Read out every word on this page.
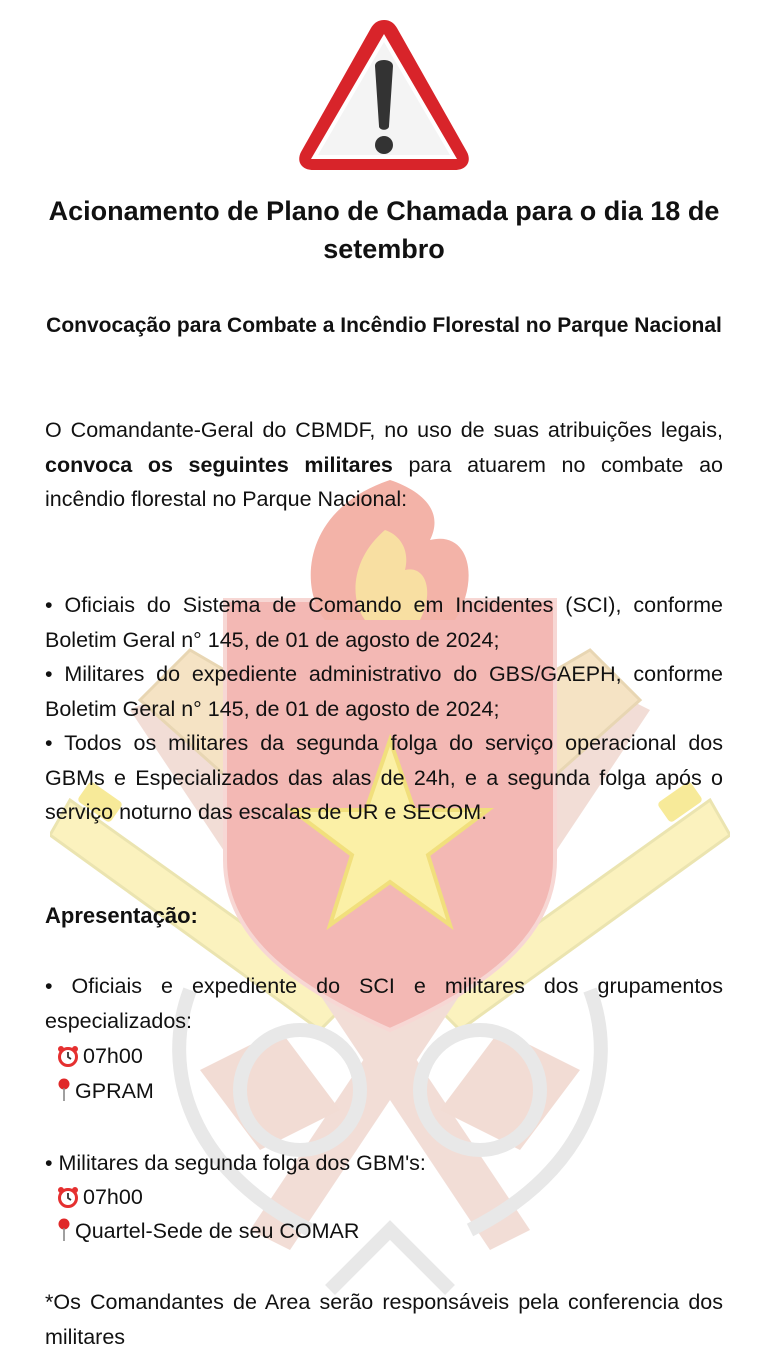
Acionamento de Plano de Chamada para o dia 18 de setembro
Convocação para Combate a Incêndio Florestal no Parque Nacional

O Comandante-Geral do CBMDF, no uso de suas atribuições legais, convoca os seguintes militares para atuarem no combate ao incêndio florestal no Parque Nacional:

• Oficiais do Sistema de Comando em Incidentes (SCI), conforme Boletim Geral n° 145, de 01 de agosto de 2024;

• Militares do expediente administrativo do GBS/GAEPH, conforme Boletim Geral n° 145, de 01 de agosto de 2024;

• Todos os militares da segunda folga do serviço operacional dos GBMs e Especializados das alas de 24h, e a segunda folga após o serviço noturno das escalas de UR e SECOM.

Apresentação:

• Oficiais e expediente do SCI e militares dos grupamentos especializados:

07h00
GPRAM
• Militares da segunda folga dos GBM's:
07h00
Quartel-Sede de seu COMAR

*Os Comandantes de Area serão responsáveis pela conferencia dos militares
